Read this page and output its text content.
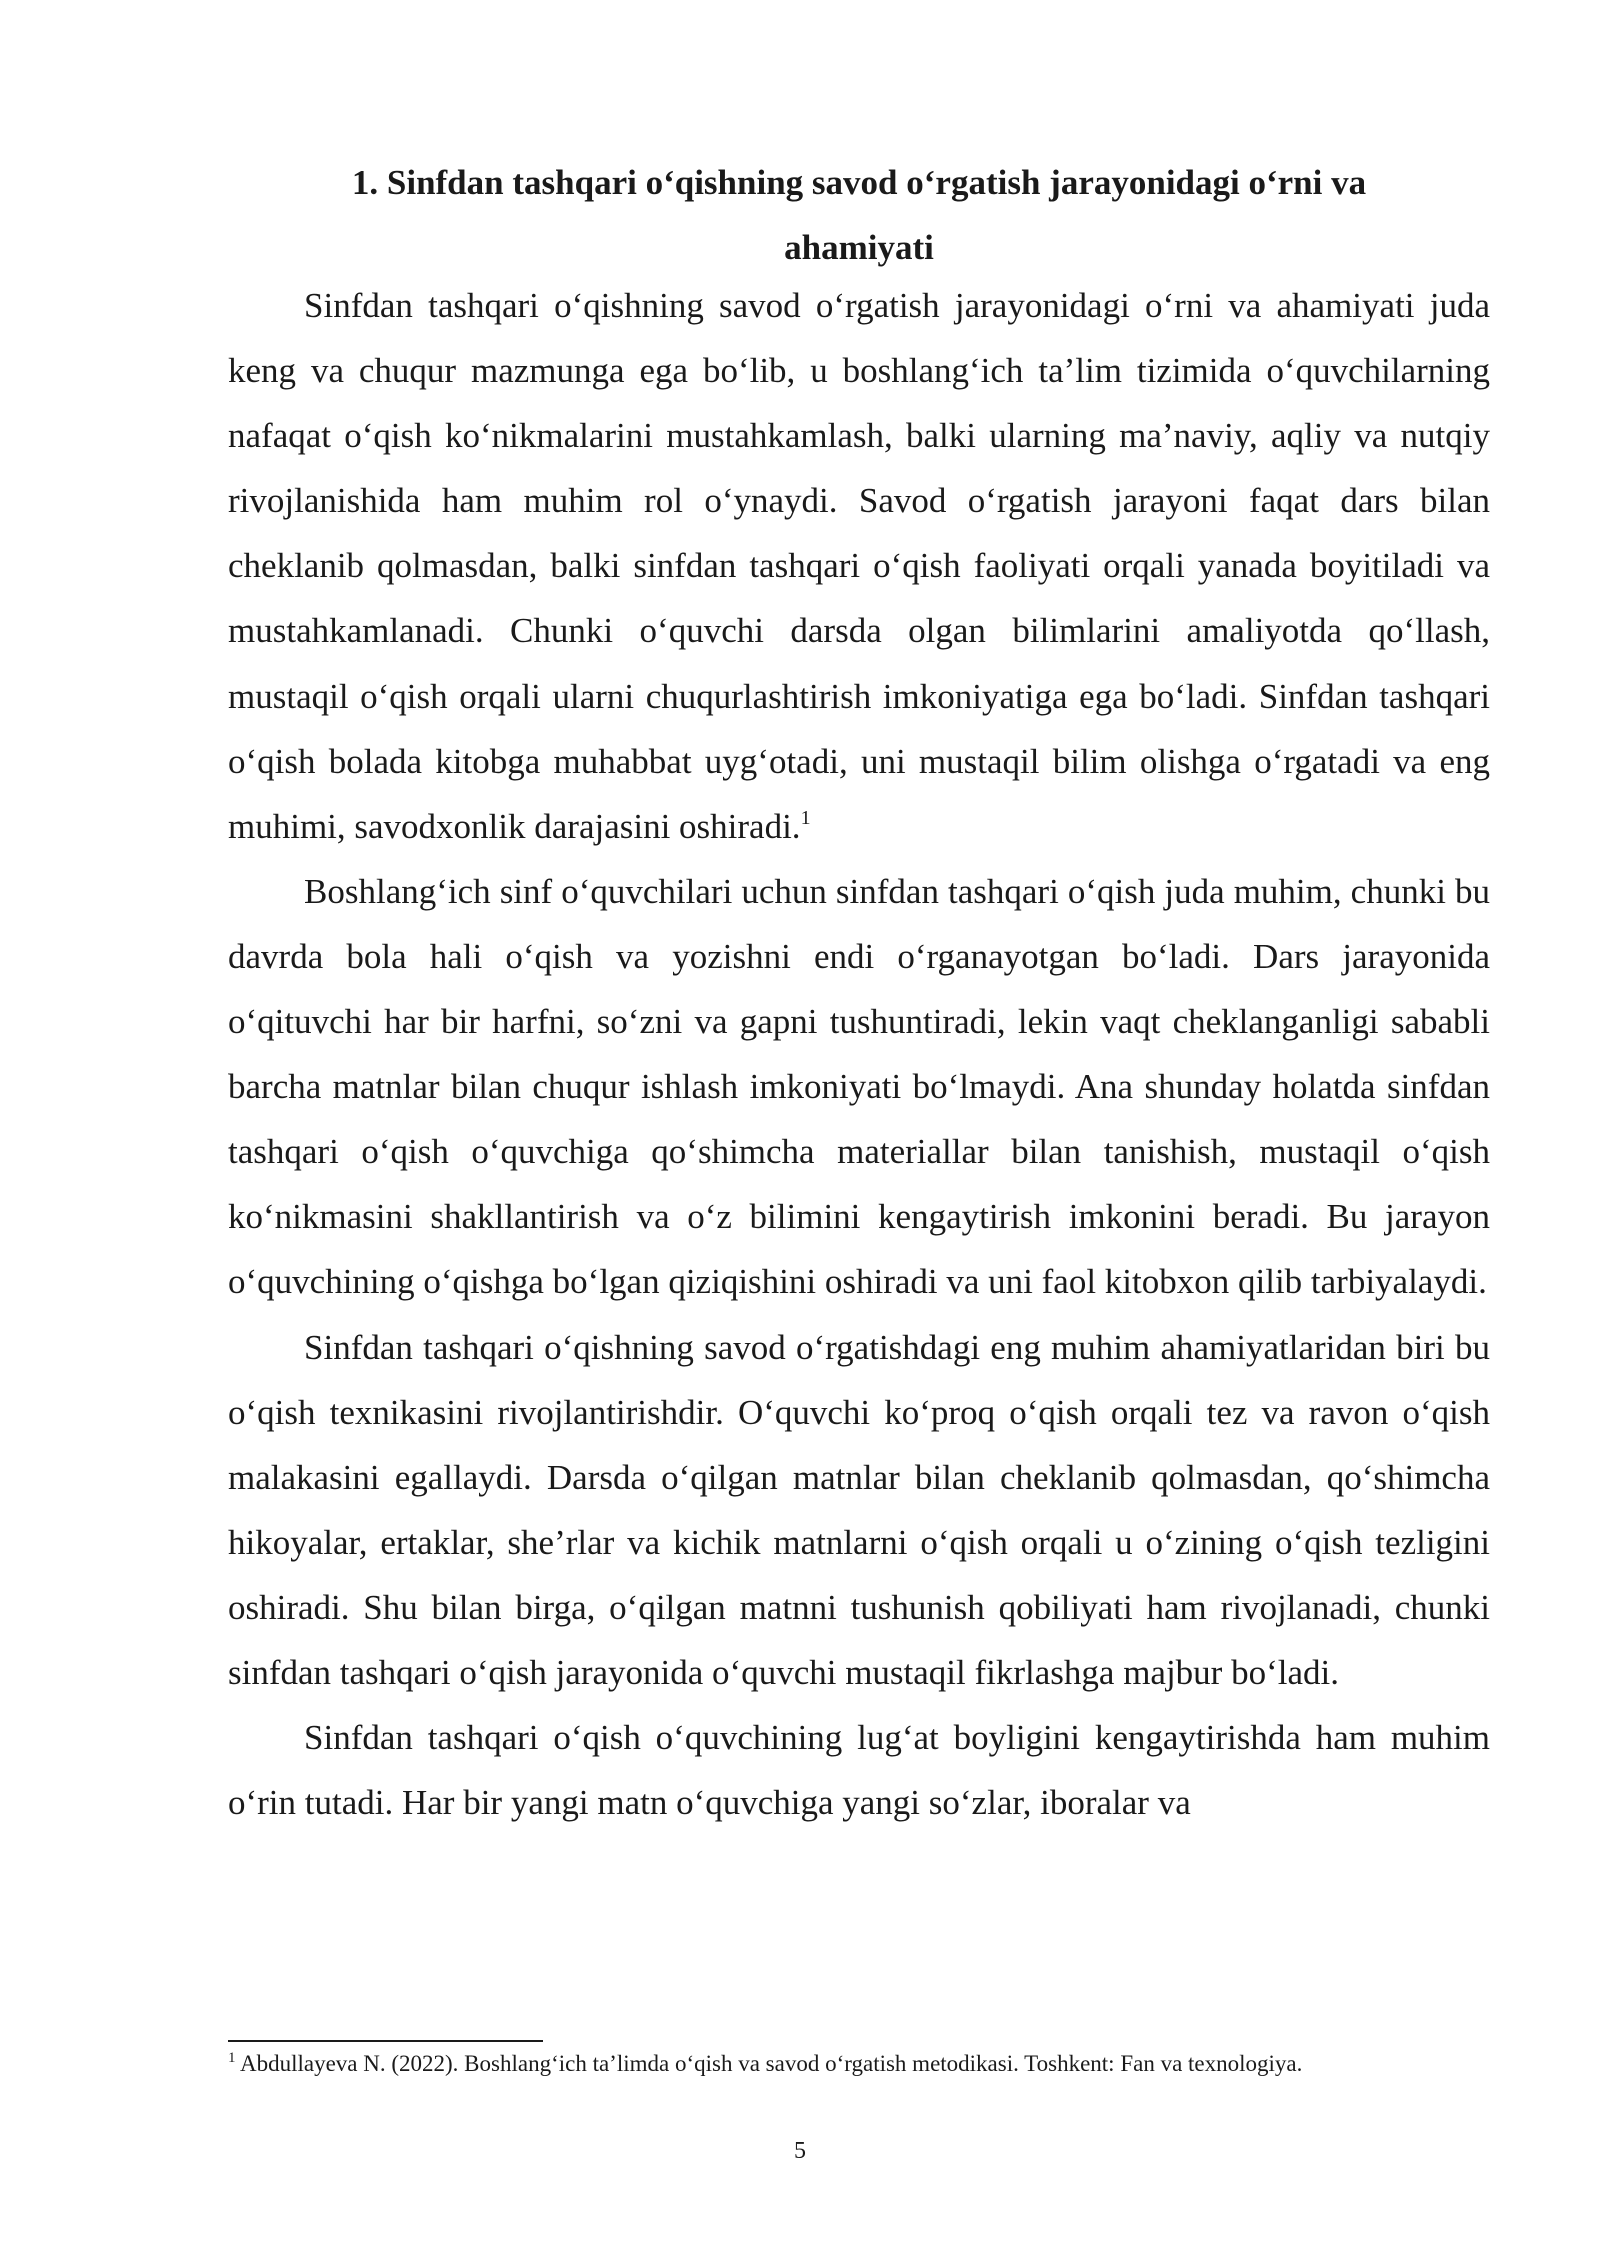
1. Sinfdan tashqari o‘qishning savod o‘rgatish jarayonidagi o‘rni va
ahamiyati

Sinfdan tashqari o‘qishning savod o‘rgatish jarayonidagi o‘rni va ahamiyati juda keng va chuqur mazmunga ega bo‘lib, u boshlang‘ich ta’lim tizimida o‘quvchilarning nafaqat o‘qish ko‘nikmalarini mustahkamlash, balki ularning ma’naviy, aqliy va nutqiy rivojlanishida ham muhim rol o‘ynaydi. Savod o‘rgatish jarayoni faqat dars bilan cheklanib qolmasdan, balki sinfdan tashqari o‘qish faoliyati orqali yanada boyitiladi va mustahkamlanadi. Chunki o‘quvchi darsda olgan bilimlarini amaliyotda qo‘llash, mustaqil o‘qish orqali ularni chuqurlashtirish imkoniyatiga ega bo‘ladi. Sinfdan tashqari o‘qish bolada kitobga muhabbat uyg‘otadi, uni mustaqil bilim olishga o‘rgatadi va eng muhimi, savodxonlik darajasini oshiradi.$^1$

Boshlang‘ich sinf o‘quvchilari uchun sinfdan tashqari o‘qish juda muhim, chunki bu davrda bola hali o‘qish va yozishni endi o‘rganayotgan bo‘ladi. Dars jarayonida o‘qituvchi har bir harfni, so‘zni va gapni tushuntiradi, lekin vaqt cheklanganligi sababli barcha matnlar bilan chuqur ishlash imkoniyati bo‘lmaydi. Ana shunday holatda sinfdan tashqari o‘qish o‘quvchiga qo‘shimcha materiallar bilan tanishish, mustaqil o‘qish ko‘nikmasini shakllantirish va o‘z bilimini kengaytirish imkonini beradi. Bu jarayon o‘quvchining o‘qishga bo‘lgan qiziqishini oshiradi va uni faol kitobxon qilib tarbiyalaydi.

Sinfdan tashqari o‘qishning savod o‘rgatishdagi eng muhim ahamiyatlaridan biri bu o‘qish texnikasini rivojlantirishdir. O‘quvchi ko‘proq o‘qish orqali tez va ravon o‘qish malakasini egallaydi. Darsda o‘qilgan matnlar bilan cheklanib qolmasdan, qo‘shimcha hikoyalar, ertaklar, she’rlar va kichik matnlarni o‘qish orqali u o‘zining o‘qish tezligini oshiradi. Shu bilan birga, o‘qilgan matnni tushunish qobiliyati ham rivojlanadi, chunki sinfdan tashqari o‘qish jarayonida o‘quvchi mustaqil fikrlashga majbur bo‘ladi.

Sinfdan tashqari o‘qish o‘quvchining lug‘at boyligini kengaytirishda ham muhim o‘rin tutadi. Har bir yangi matn o‘quvchiga yangi so‘zlar, iboralar va

$^1$ Abdullayeva N. (2022). Boshlang‘ich ta’limda o‘qish va savod o‘rgatish metodikasi. Toshkent: Fan va texnologiya.

5
